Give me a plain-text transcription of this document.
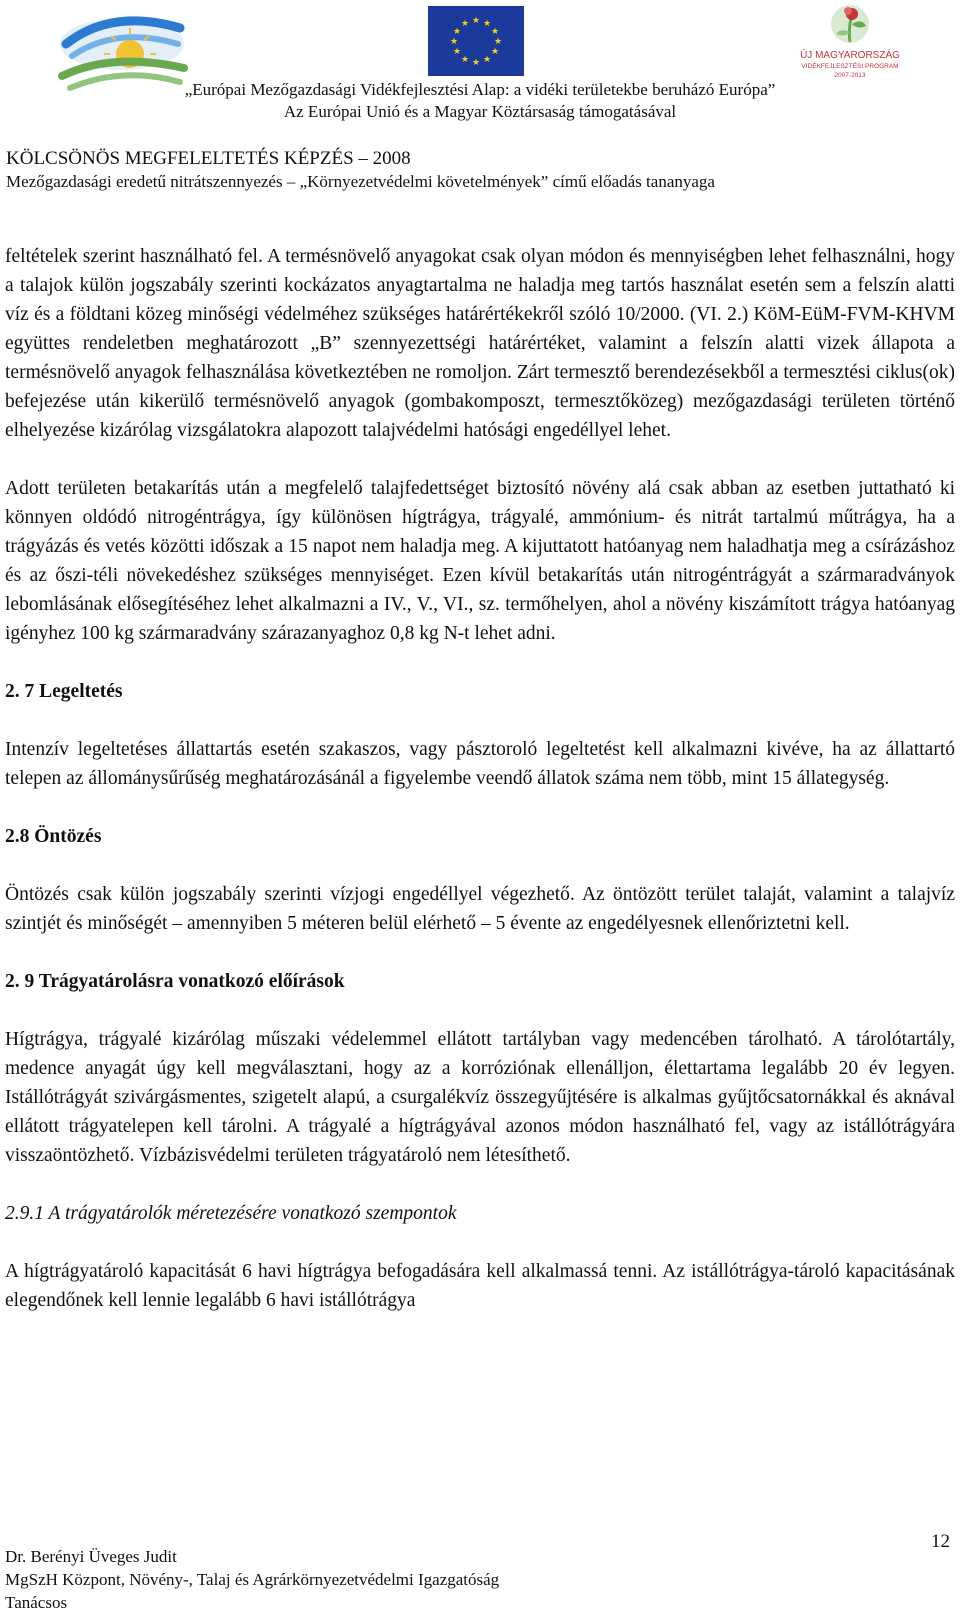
★ ★
★
★
★
★
★
★
★
★
★
★
ÚJ MAGYARORSZÁG
VIDÉKFEJLESZTÉSI PROGRAM
2007-2013
„Európai Mezőgazdasági Vidékfejlesztési Alap: a vidéki területekbe beruházó Európa”
Az Európai Unió és a Magyar Köztársaság támogatásával
KÖLCSÖNÖS MEGFELELTETÉS KÉPZÉS – 2008
Mezőgazdasági eredetű nitrátszennyezés – „Környezetvédelmi követelmények” című előadás tananyaga

feltételek szerint használható fel. A termésnövelő anyagokat csak olyan módon és mennyiségben lehet felhasználni, hogy a talajok külön jogszabály szerinti kockázatos anyagtartalma ne haladja meg tartós használat esetén sem a felszín alatti víz és a földtani közeg minőségi védelméhez szükséges határértékekről szóló 10/2000. (VI. 2.) KöM-EüM-FVM-KHVM együttes rendeletben meghatározott „B” szennyezettségi határértéket, valamint a felszín alatti vizek állapota a termésnövelő anyagok felhasználása következtében ne romoljon. Zárt termesztő berendezésekből a termesztési ciklus(ok) befejezése után kikerülő termésnövelő anyagok (gombakomposzt, termesztőközeg) mezőgazdasági területen történő elhelyezése kizárólag vizsgálatokra alapozott talajvédelmi hatósági engedéllyel lehet.

Adott területen betakarítás után a megfelelő talajfedettséget biztosító növény alá csak abban az esetben juttatható ki könnyen oldódó nitrogéntrágya, így különösen hígtrágya, trágyalé, ammónium- és nitrát tartalmú műtrágya, ha a trágyázás és vetés közötti időszak a 15 napot nem haladja meg. A kijuttatott hatóanyag nem haladhatja meg a csírázáshoz és az őszi-téli növekedéshez szükséges mennyiséget. Ezen kívül betakarítás után nitrogéntrágyát a szármaradványok lebomlásának elősegítéséhez lehet alkalmazni a IV., V., VI., sz. termőhelyen, ahol a növény kiszámított trágya hatóanyag igényhez 100 kg szármaradvány szárazanyaghoz 0,8 kg N-t lehet adni.

2. 7 Legeltetés

Intenzív legeltetéses állattartás esetén szakaszos, vagy pásztoroló legeltetést kell alkalmazni kivéve, ha az állattartó telepen az állománysűrűség meghatározásánál a figyelembe veendő állatok száma nem több, mint 15 állategység.

2.8 Öntözés

Öntözés csak külön jogszabály szerinti vízjogi engedéllyel végezhető. Az öntözött terület talaját, valamint a talajvíz szintjét és minőségét – amennyiben 5 méteren belül elérhető – 5 évente az engedélyesnek ellenőriztetni kell.

2. 9 Trágyatárolásra vonatkozó előírások

Hígtrágya, trágyalé kizárólag műszaki védelemmel ellátott tartályban vagy medencében tárolható. A tárolótartály, medence anyagát úgy kell megválasztani, hogy az a korróziónak ellenálljon, élettartama legalább 20 év legyen. Istállótrágyát szivárgásmentes, szigetelt alapú, a csurgalékvíz összegyűjtésére is alkalmas gyűjtőcsatornákkal és aknával ellátott trágyatelepen kell tárolni. A trágyalé a hígtrágyával azonos módon használható fel, vagy az istállótrágyára visszaöntözhető. Vízbázisvédelmi területen trágyatároló nem létesíthető.

2.9.1 A trágyatárolók méretezésére vonatkozó szempontok

A hígtrágyatároló kapacitását 6 havi hígtrágya befogadására kell alkalmassá tenni. Az istállótrágya-tároló kapacitásának elegendőnek kell lennie legalább 6 havi istállótrágya

12
Dr. Berényi Üveges Judit
MgSzH Központ, Növény-, Talaj és Agrárkörnyezetvédelmi Igazgatóság
Tanácsos
